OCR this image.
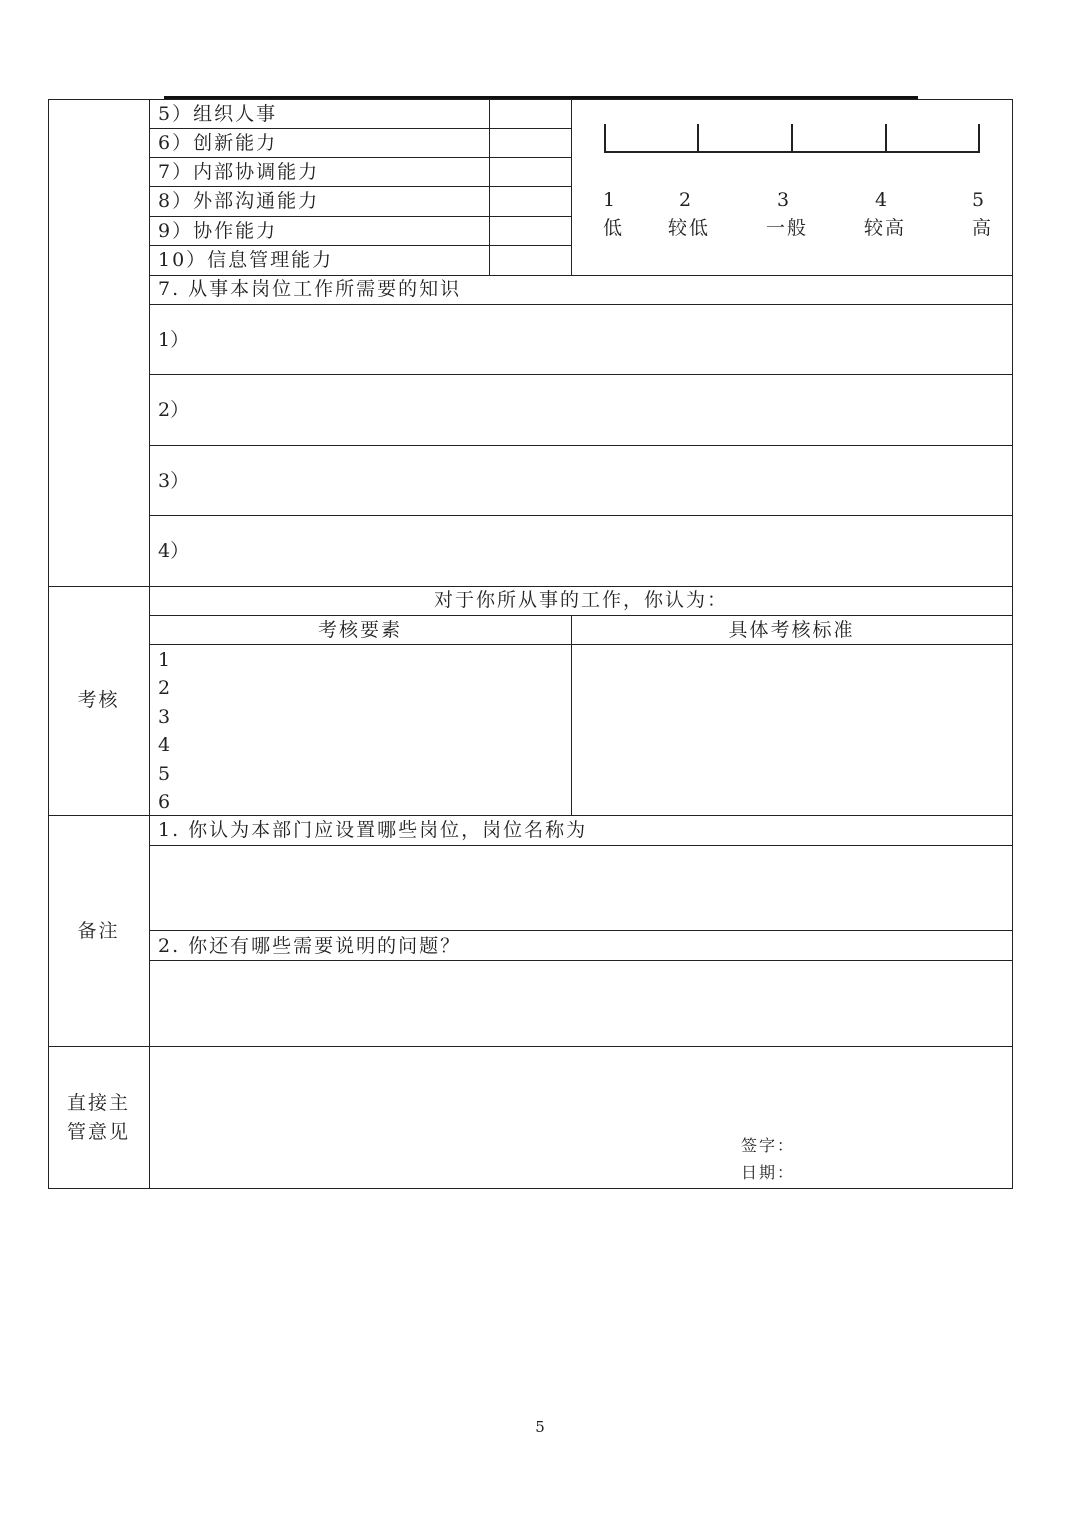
5）组织人事
6）创新能力
7）内部协调能力
8）外部沟通能力
9）协作能力
10）信息管理能力
1	2	3	4	5
低 较低	一般	较高	高
7. 从事本岗位工作所需要的知识
1）
2）
3）
4）
考核
对于你所从事的工作，你认为：
考核要素	具体考核标准
1
2
3
4
5
6
备注
1. 你认为本部门应设置哪些岗位，岗位名称为
2. 你还有哪些需要说明的问题？
直接主
管意见
签字：
日期：
5
